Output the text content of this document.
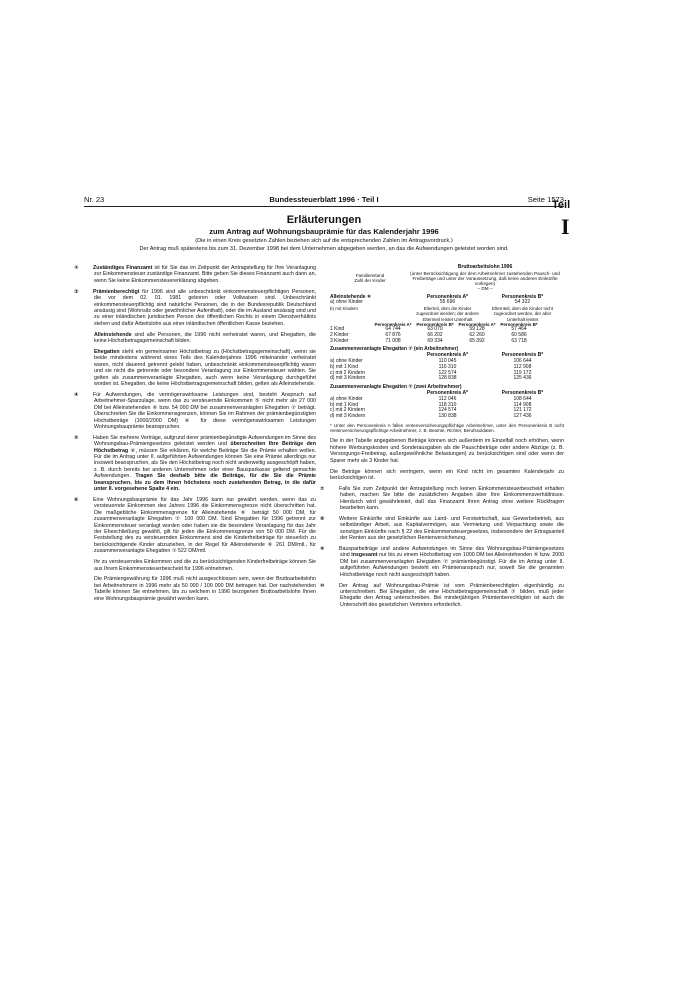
Nr. 23	Bundessteuerblatt 1996 · Teil I	Seite 1573
Teil
I
Erläuterungen
zum Antrag auf Wohnungsbauprämie für das Kalenderjahr 1996
(Die in einen Kreis gesetzten Zahlen beziehen sich auf die entsprechenden Zahlen im Antragsvordruck.)
Der Antrag muß spätestens bis zum 31. Dezember 1998 bei dem Unternehmen abgegeben werden, an das die Aufwendungen geleistet worden sind.

②	Zuständiges Finanzamt ist für Sie das im Zeitpunkt der Antragstellung für Ihre Veranlagung zur Einkommensteuer zuständige Finanzamt. Bitte geben Sie dieses Finanzamt auch dann an, wenn Sie keine Einkommensteuererklärung abgeben.

③	Prämienberechtigt für 1996 sind alle unbeschränkt einkommensteuerpflichtigen Personen, die vor dem 02. 01. 1981 geboren oder Vollwaisen sind. Unbeschränkt einkommensteuerpflichtig sind natürliche Personen, die in der Bundesrepublik Deutschland ansässig sind (Wohnsitz oder gewöhnlicher Aufenthalt), oder die im Ausland ansässig sind und zu einer inländischen juristischen Person des öffentlichen Rechts in einem Dienstverhältnis stehen und dafür Arbeitslohn aus einer inländischen öffentlichen Kasse beziehen.

Alleinstehende sind alle Personen, die 1996 nicht verheiratet waren, und Ehegatten, die keine Höchstbetragsgemeinschaft bilden.

Ehegatten steht ein gemeinsamer Höchstbetrag zu (Höchstbetragsgemeinschaft), wenn sie beide mindestens während eines Teils des Kalenderjahres 1996 miteinander verheiratet waren, nicht dauernd getrennt gelebt haben, unbeschränkt einkommensteuerpflichtig waren und sie nicht die getrennte oder besondere Veranlagung zur Einkommensteuer wählen. Sie gelten als zusammenveranlagte Ehegatten, auch wenn keine Veranlagung durchgeführt worden ist. Ehegatten, die keine Höchstbetragsgemeinschaft bilden, gelten als Alleinstehende.

④	Für Aufwendungen, die vermögenswirksame Leistungen sind, besteht Anspruch auf Arbeitnehmer-Sparzulage, wenn das zu versteuernde Einkommen ⑤ nicht mehr als 27 000 DM bei Alleinstehenden ⑥ bzw. 54 000 DM bei zusammenveranlagten Ehegatten ⑦ beträgt. Überschreiten Sie die Einkommensgrenzen, können Sie im Rahmen der prämienbegünstigten Höchstbeträge (1000/2000 DM) ⑧ für diese vermögenswirksamen Leistungen Wohnungsbauprämie beanspruchen.

⑤	Haben Sie mehrere Verträge, aufgrund derer prämienbegünstigte Aufwendungen im Sinne des Wohnungsbau-Prämiengesetzes geleistet werden und überschreiten Ihre Beiträge den Höchstbetrag ⑧, müssen Sie erklären, für welche Beiträge Sie die Prämie erhalten wollen. Für die im Antrag unter II. aufgeführten Aufwendungen können Sie eine Prämie allerdings nur insoweit beanspruchen, als Sie den Höchstbetrag noch nicht anderweitig ausgeschöpft haben, z. B. durch bereits bei anderen Unternehmen oder einer Bausparkasse geltend gemachte Aufwendungen. Tragen Sie deshalb bitte die Beiträge, für die Sie die Prämie beanspruchen, bis zu dem Ihnen höchstens noch zustehenden Betrag, in die dafür unter II. vorgesehene Spalte 4 ein.

⑥	Eine Wohnungsbauprämie für das Jahr 1996 kann nur gewährt werden, wenn das zu versteuernde Einkommen des Jahres 1996 die Einkommensgrenze nicht überschritten hat. Die maßgebliche Einkommensgrenze für Alleinstehende ⑥ beträgt 50 000 DM, für zusammenveranlagte Ehegatten ⑦ 100 000 DM. Sind Ehegatten für 1996 getrennt zur Einkommensteuer veranlagt worden oder haben sie die besondere Veranlagung für das Jahr der Eheschließung gewählt, gilt für jeden die Einkommensgrenze von 50 000 DM. Für die Feststellung des zu versteuernden Einkommens sind die Kinderfreibeträge für steuerlich zu berücksichtigende Kinder abzuziehen, in der Regel für Alleinstehende ⑥ 261 DM/mtl., für zusammenveranlagte Ehegatten ⑦ 522 DM/mtl.

Ihr zu versteuerndes Einkommen und die zu berücksichtigenden Kinderfreibeträge können Sie aus Ihrem Einkommensteuerbescheid für 1996 entnehmen.

Die Prämiengewährung für 1996 muß nicht ausgeschlossen sein, wenn der Bruttoarbeitslohn bei Arbeitnehmern in 1996 mehr als 50 000 / 100 000 DM betragen hat. Der nachstehenden Tabelle können Sie entnehmen, bis zu welchem in 1996 bezogenen Bruttoarbeitslohn Ihnen eine Wohnungsbauprämie gewährt werden kann.

Familienstand
Zahl der Kinder
Bruttoarbeitslohn 1996
(unter Berücksichtigung der dem Arbeitnehmer zustehenden Pausch- und Freibeträge und unter der Voraussetzung, daß keine anderen Einkünfte vorliegen)
– DM –
Alleinstehende ⑥	Personenkreis A*	Personenkreis B*
a) ohne Kinder	55 696	54 322
b) mit Kindern	Elterteil, dem die Kinder zugeordnet werden; der andere Elternteil leistet Unterhalt
Elternteil, dem die Kinder nicht zugeordnet werden, der aber Unterhalt leistet
Personenkreis A*	Personenkreis B*	Personenkreis A*	Personenkreis B*
1 Kind	64 744	63 070	59 128	57 464
2 Kinder	67 876	66 202	62 260	60 586
3 Kinder	71 008	69 334	65 392	63 718
Zusammenveranlagte Ehegatten ⑦ (ein Arbeitnehmer)
Personenkreis A*	Personenkreis B*
a) ohne Kinder	110 045	106 644
b) mit 1 Kind	116 310	112 908
c) mit 2 Kindern	122 574	119 172
d) mit 3 Kindern	128 838	125 436
Zusammenveranlagte Ehegatten ⑦ (zwei Arbeitnehmer)
Personenkreis A*	Personenkreis B*
a) ohne Kinder	112 046	108 644
b) mit 1 Kind	118 310	114 908
c) mit 2 Kindern	124 574	121 172
d) mit 3 Kindern	130 838	127 436
* Unter den Personenkreis A fallen rentenversicherungspflichtige Arbeitnehmer, unter den Personenkreis B nicht rentenversicherungspflichtige Arbeitnehmer, z. B. Beamte, Richter, Berufssoldaten.

Die in der Tabelle angegebenen Beträge können sich außerdem im Einzelfall noch erhöhen, wenn höhere Werbungskosten und Sonderausgaben als die Pauschbeträge oder andere Abzüge (z. B. Versorgungs-Freibetrag, außergewöhnliche Belastungen) zu berücksichtigen sind oder wenn der Sparer mehr als 3 Kinder hat.

Die Beträge können sich verringern, wenn ein Kind nicht im gesamten Kalenderjahr zu berücksichtigen ist.

⑦	Falls Sie zum Zeitpunkt der Antragstellung noch keinen Einkommensteuerbescheid erhalten haben, machen Sie bitte die zusätzlichen Angaben über Ihre Einkommensverhältnisse. Hierdurch wird gewährleistet, daß das Finanzamt Ihren Antrag ohne weitere Rückfragen bearbeiten kann.

⑧	Weitere Einkünfte sind Einkünfte aus Land- und Forstwirtschaft, aus Gewerbebetrieb, aus selbständiger Arbeit, aus Kapitalvermögen, aus Vermietung und Verpachtung sowie die sonstigen Einkünfte nach § 22 des Einkommensteuergesetzes, insbesondere der Ertragsanteil der Renten aus der gesetzlichen Rentenversicherung.

⑨	Bausparbeiträge und andere Aufwendungen im Sinne des Wohnungsbau-Prämiengesetzes sind insgesamt nur bis zu einem Höchstbetrag von 1000 DM bei Alleinstehenden ⑥ bzw. 2000 DM bei zusammenveranlagten Ehegatten ⑦ prämienbegünstigt. Für die im Antrag unter II. aufgeführten Aufwendungen besteht ein Prämienanspruch nur, soweit Sie die genannten Höchstbeträge noch nicht ausgeschöpft haben.

⑩	Der Antrag auf Wohnungsbau-Prämie ist vom Prämienberechtigten eigenhändig zu unterschreiben. Bei Ehegatten, die eine Höchstbetragsgemeinschaft ⑦ bilden, muß jeder Ehegatte den Antrag unterschreiben. Bei minderjährigen Prämienberechtigten ist auch die Unterschrift des gesetzlichen Vertreters erforderlich.
